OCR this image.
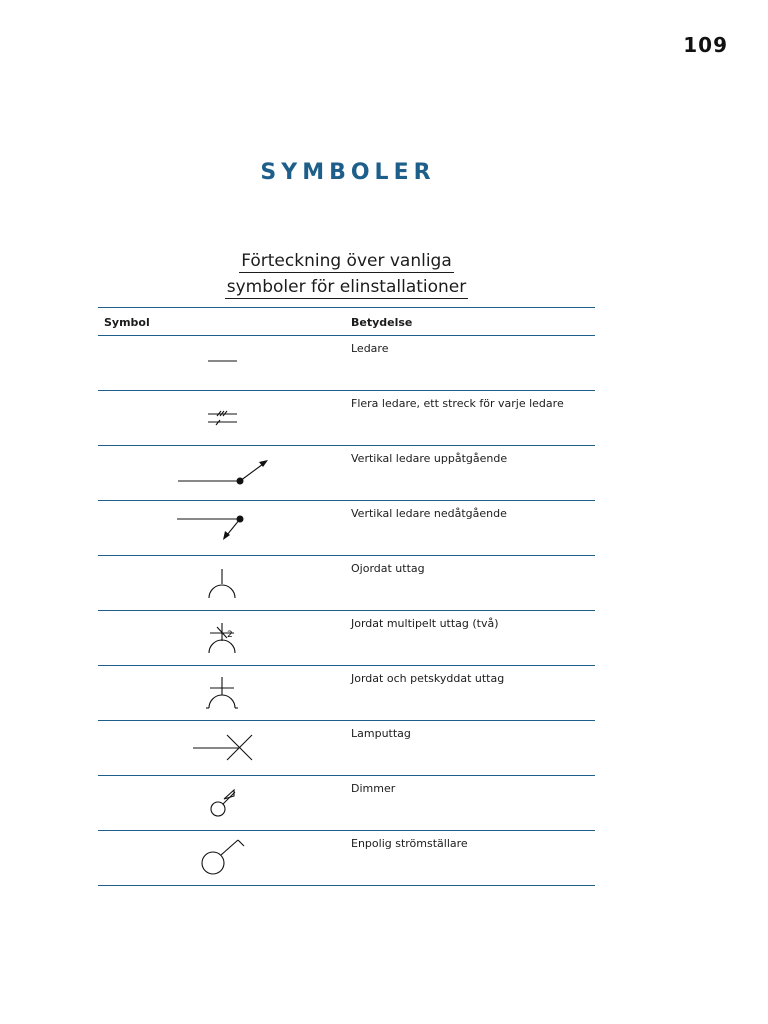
109
SYMBOLER
Förteckning över vanliga
symboler för elinstallationer
Symbol	Betydelse
Ledare
Flera ledare, ett streck för varje ledare
Vertikal ledare uppåtgående
Vertikal ledare nedåtgående
Ojordat uttag
2
Jordat multipelt uttag (två)
Jordat och petskyddat uttag
Lamputtag
Dimmer
Enpolig strömställare
